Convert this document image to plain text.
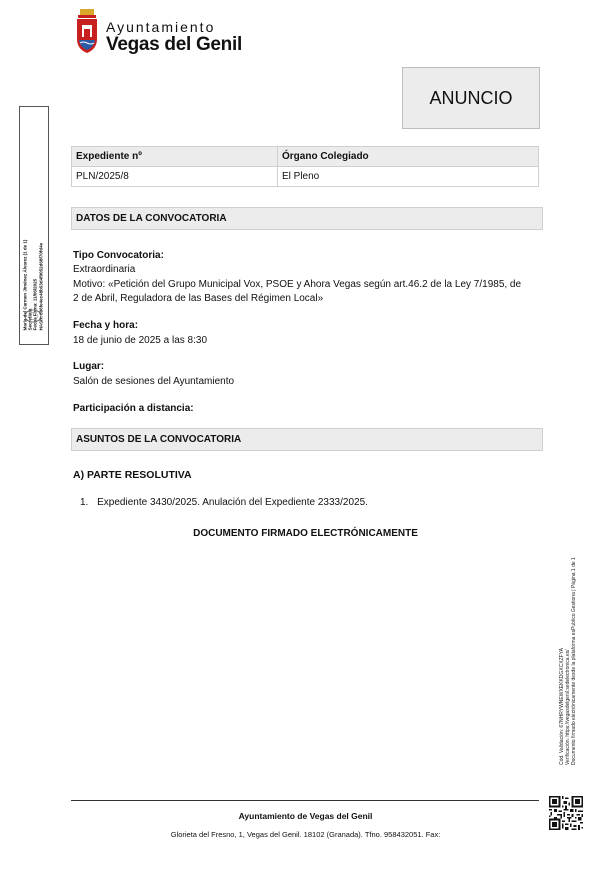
Ayuntamiento
Vegas del Genil
ANUNCIO
María del Carmen Jiménez Álvarez (1 de 1) Secretaria Fecha Firma: 11/06/2025 HASH: 896fe4ec48b53d4f9052d68f70fd4e
Expediente nº	Órgano Colegiado
PLN/2025/8	El Pleno
DATOS DE LA CONVOCATORIA
Tipo Convocatoria:
Extraordinaria
Motivo: «Petición del Grupo Municipal Vox, PSOE y Ahora Vegas según art.46.2 de la Ley 7/1985, de
2 de Abril, Reguladora de las Bases del Régimen Local»
Fecha y hora:
18 de junio de 2025 a las 8:30
Lugar:
Salón de sesiones del Ayuntamiento
Participación a distancia:
ASUNTOS DE LA CONVOCATORIA
A) PARTE RESOLUTIVA
1. Expediente 3430/2025. Anulación del Expediente 2333/2025.
DOCUMENTO FIRMADO ELECTRÓNICAMENTE
Cód. Validación: 67NHRYWNEWXEKKDGXCXZFYA Verificación: https://vegasdelgenil.sedelectronica.es/ Documento firmado electrónicamente desde la plataforma esPublico Gestiona | Página 1 de 1
Ayuntamiento de Vegas del Genil
Glorieta del Fresno, 1, Vegas del Genil. 18102 (Granada). Tfno. 958432051. Fax:
